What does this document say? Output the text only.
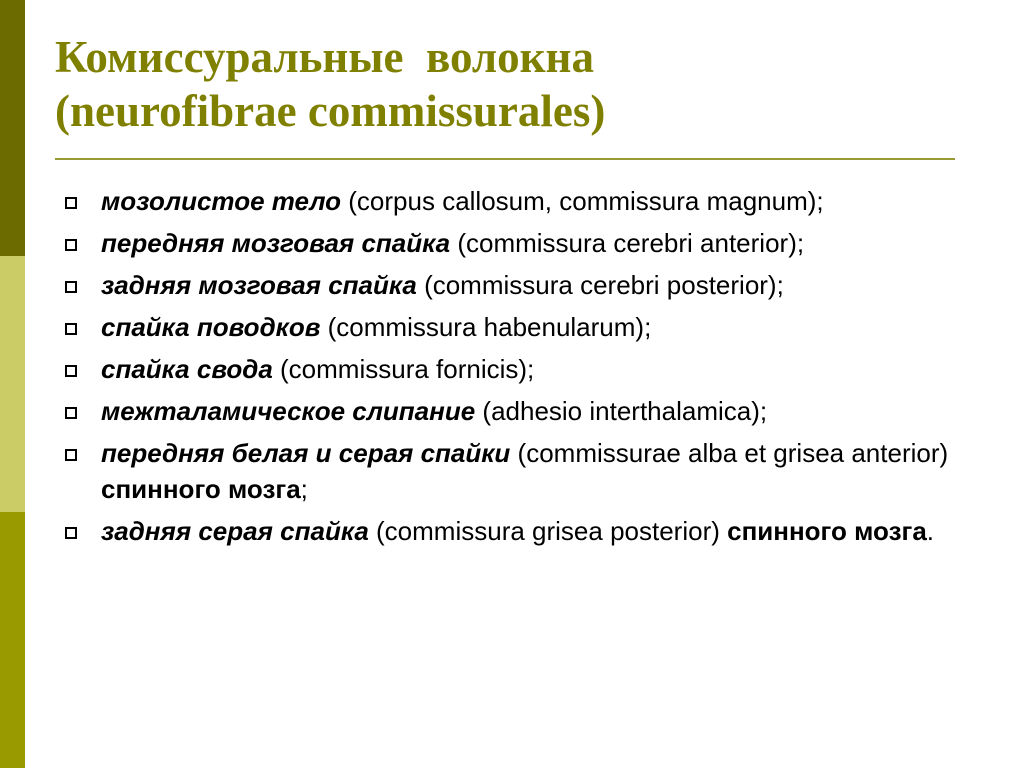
Комиссуральные  волокна
(neurofibrae commissurales)
мозолистое тело (corpus callosum, commissura magnum);
передняя мозговая спайка (commissura cerebri anterior);
задняя мозговая спайка (commissura cerebri posterior);
спайка поводков (commissura habenularum);
спайка свода (commissura fornicis);
межталамическое слипание (adhesio interthalamica);
передняя белая и серая спайки (commissurae alba et grisea anterior) спинного мозга;
задняя серая спайка (commissura grisea posterior) спинного мозга.
